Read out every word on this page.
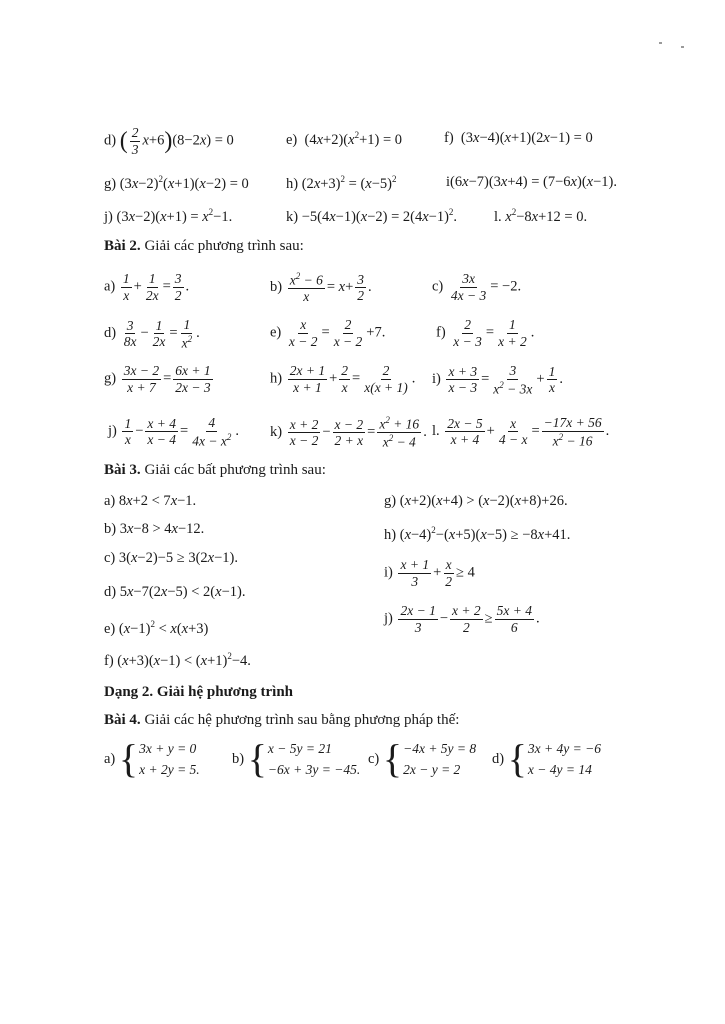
d) ( $\frac{2}{3} x+6)(8-2x) = 0$	e)  $(4x+2)(x^2+1) = 0$	f)  (3x−4)(x+1)(2x−1) = 0
g) $(3x-2)^2(x+1)(x-2) = 0$	h) $(2x+3)^2 = (x-5)^2$	i(6x−7)(3x+4) = (7−6x)(x−1).
j) $(3x-2)(x+1) = x^2-1$.	$k) -5(4x-1)(x-2) = 2(4x-1)^2$.	l. $x^2-8x+12 = 0$.
Bài 2. Giải các phương trình sau:
$a) \frac{1}{x} + \frac{1}{2x} = \frac{3}{2}$ .	$b) \frac{x^2 - 6}{x} = x+ \frac{3}{2}$ .	$c) \frac{3x}{4x - 3} = -2$.
$d) \frac{3}{8x} - \frac{1}{2x} = \frac{1}{x^2}$ .	$e) \frac{x}{x - 2} = \frac{2}{x - 2} +7$.	$f) \frac{2}{x - 3} = \frac{1}{x + 2}$ .
$g) \frac{3x - 2}{x + 7} = \frac{6x + 1}{2x - 3}$	$h) \frac{2x + 1}{x + 1} + \frac{2}{x} = \frac{2}{x(x + 1)}$ . $i) \frac{x + 3}{x - 3} = \frac{3}{x^2 - 3x} + \frac{1}{x}$ .
$j) \frac{1}{x} - \frac{x + 4}{x - 4} = \frac{4}{4x - x^2}$ . $k) \frac{x + 2}{x - 2} - \frac{x - 2}{2 + x} = \frac{x^2 + 16}{x^2 - 4}$ . l. $\frac{2x - 5}{x + 4} + \frac{x}{4 - x} = \frac{-17x + 56}{x^2 - 16}$ .
Bài 3. Giải các bất phương trình sau:
a) 8x+2 < 7x−1.
b) 3x−8 > 4x−12.
c) 3(x−2)−5 ≥ 3(2x−1).
d) 5x−7(2x−5) < 2(x−1).
e) $(x-1)^2 < x(x+3)$
f) $(x+3)(x-1) < (x+1)^2-4$.
g) (x+2)(x+4) > (x−2)(x+8)+26.
h) $(x-4)^2-(x+5)(x-5) \ge -8x+41$.
$i) \frac{x + 1}{3} + \frac{x}{2} \ge 4$
$j) \frac{2x - 1}{3} - \frac{x + 2}{2} \ge \frac{5x + 4}{6}$ .
Dạng 2. Giải hệ phương trình
Bài 4. Giải các hệ phương trình sau bằng phương pháp thế:
a) { 3x + y = 0
x + 2y = 5.
b) { x − 5y = 21
−6x + 3y = −45.
c) { −4x + 5y = 8
2x − y = 2
d) { 3x + 4y = −6
x − 4y = 14
